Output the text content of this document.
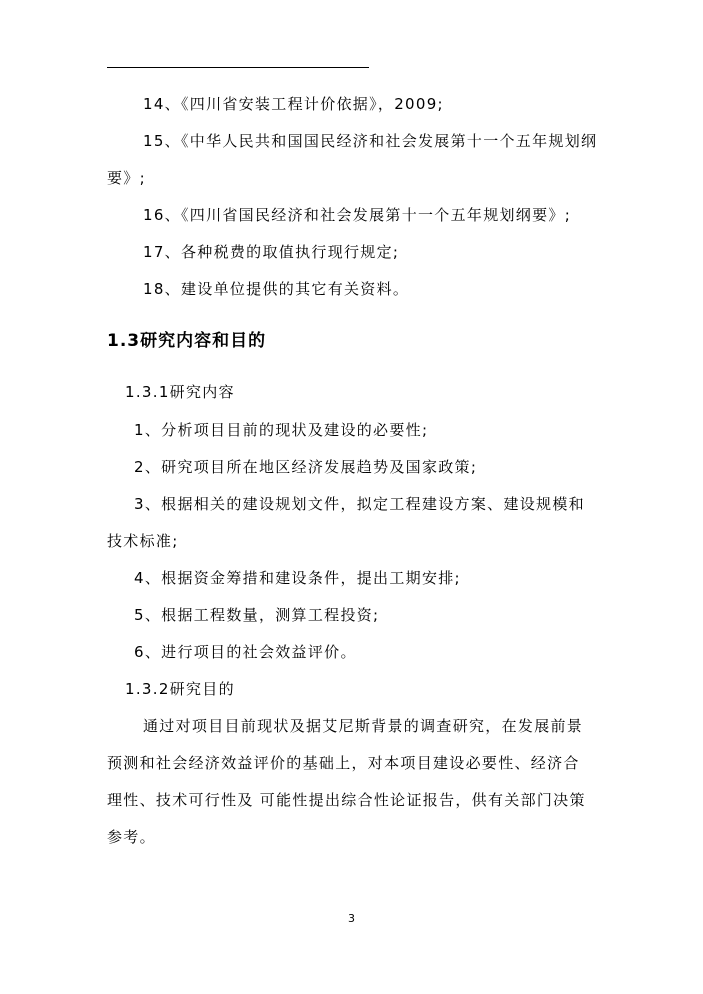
14、《四川省安装工程计价依据》，2009;
15、《中华人民共和国国民经济和社会发展第十一个五年规划纲
要》;
16、《四川省国民经济和社会发展第十一个五年规划纲要》;
17、各种税费的取值执行现行规定;
18、建设单位提供的其它有关资料。
1.3研究内容和目的
1.3.1研究内容
1、分析项目目前的现状及建设的必要性;
2、研究项目所在地区经济发展趋势及国家政策;
3、根据相关的建设规划文件，拟定工程建设方案、建设规模和
技术标准;
4、根据资金筹措和建设条件，提出工期安排;
5、根据工程数量，测算工程投资;
6、进行项目的社会效益评价。
1.3.2研究目的
通过对项目目前现状及据艾尼斯背景的调查研究，在发展前景
预测和社会经济效益评价的基础上，对本项目建设必要性、经济合
理性、技术可行性及 可能性提出综合性论证报告，供有关部门决策
参考。
3
